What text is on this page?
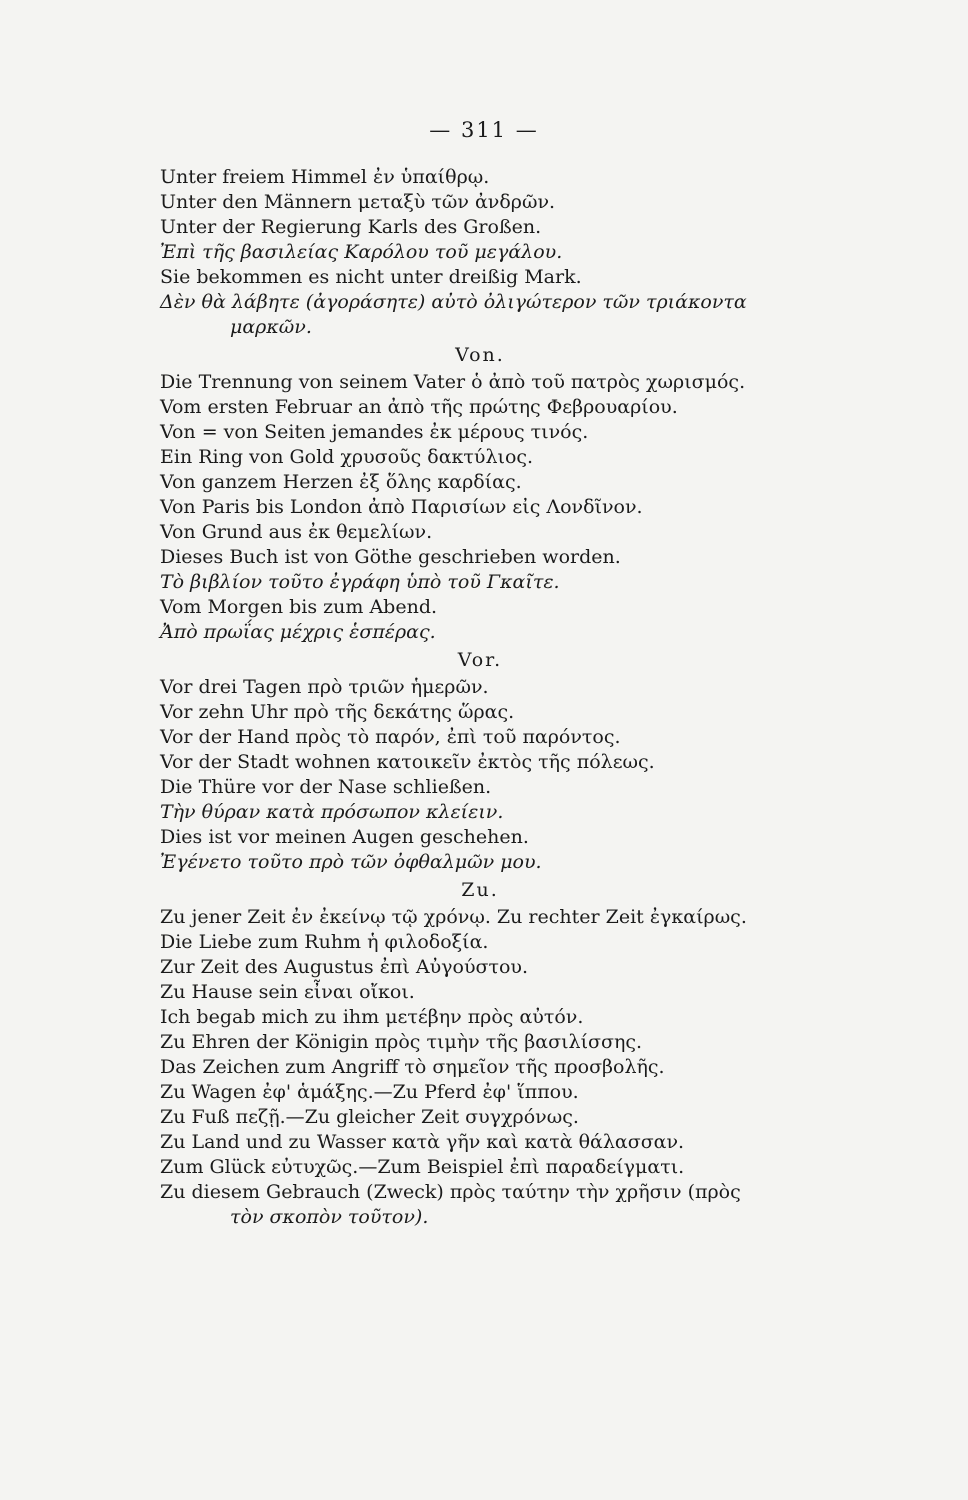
— 311 —
Unter freiem Himmel ἐν ὑπαίθρῳ.
Unter den Männern μεταξὺ τῶν ἀνδρῶν.
Unter der Regierung Karls des Großen.
Ἐπὶ τῆς βασιλείας Καρόλου τοῦ μεγάλου.
Sie bekommen es nicht unter dreißig Mark.
Δὲν θὰ λάβητε (ἀγοράσητε) αὐτὸ ὀλιγώτερον τῶν τριάκοντα
μαρκῶν.
Von.
Die Trennung von seinem Vater ὁ ἀπὸ τοῦ πατρὸς χωρισμός.
Vom ersten Februar an ἀπὸ τῆς πρώτης Φεβρουαρίου.
Von = von Seiten jemandes ἐκ μέρους τινός.
Ein Ring von Gold χρυσοῦς δακτύλιος.
Von ganzem Herzen ἐξ ὅλης καρδίας.
Von Paris bis London ἀπὸ Παρισίων εἰς Λονδῖνον.
Von Grund aus ἐκ θεμελίων.
Dieses Buch ist von Göthe geschrieben worden.
Τὸ βιβλίον τοῦτο ἐγράφη ὑπὸ τοῦ Γκαῖτε.
Vom Morgen bis zum Abend.
Ἀπὸ πρωΐας μέχρις ἑσπέρας.
Vor.
Vor drei Tagen πρὸ τριῶν ἡμερῶν.
Vor zehn Uhr πρὸ τῆς δεκάτης ὥρας.
Vor der Hand πρὸς τὸ παρόν, ἐπὶ τοῦ παρόντος.
Vor der Stadt wohnen κατοικεῖν ἐκτὸς τῆς πόλεως.
Die Thüre vor der Nase schließen.
Τὴν θύραν κατὰ πρόσωπον κλείειν.
Dies ist vor meinen Augen geschehen.
Ἐγένετο τοῦτο πρὸ τῶν ὀφθαλμῶν μου.
Zu.
Zu jener Zeit ἐν ἐκείνῳ τῷ χρόνῳ. Zu rechter Zeit ἐγκαίρως.
Die Liebe zum Ruhm ἡ φιλοδοξία.
Zur Zeit des Augustus ἐπὶ Αὐγούστου.
Zu Hause sein εἶναι οἴκοι.
Ich begab mich zu ihm μετέβην πρὸς αὐτόν.
Zu Ehren der Königin πρὸς τιμὴν τῆς βασιλίσσης.
Das Zeichen zum Angriff τὸ σημεῖον τῆς προσβολῆς.
Zu Wagen ἐφ' ἁμάξης.—Zu Pferd ἐφ' ἵππου.
Zu Fuß πεζῇ.—Zu gleicher Zeit συγχρόνως.
Zu Land und zu Wasser κατὰ γῆν καὶ κατὰ θάλασσαν.
Zum Glück εὐτυχῶς.—Zum Beispiel ἐπὶ παραδείγματι.
Zu diesem Gebrauch (Zweck) πρὸς ταύτην τὴν χρῆσιν (πρὸς
τὸν σκοπὸν τοῦτον).
